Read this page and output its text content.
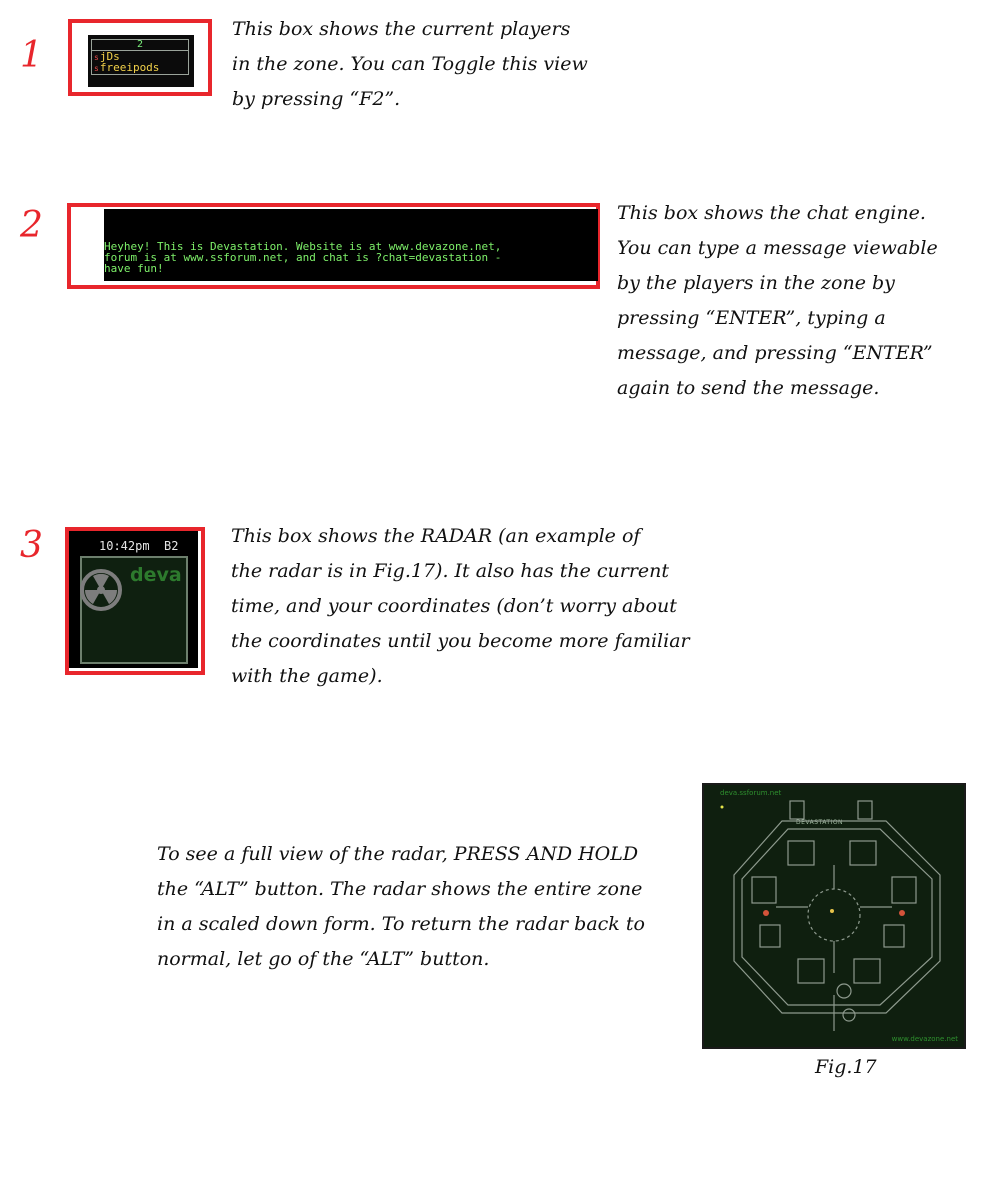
1	2
sjDs
sfreeipods
This box shows the current players
in the zone. You can Toggle this view
by pressing “F2”.
2
Heyhey! This is Devastation. Website is at www.devazone.net,
forum is at www.ssforum.net, and chat is ?chat=devastation -
have fun!
This box shows the chat engine.
You can type a message viewable
by the players in the zone by
pressing “ENTER”, typing a
message, and pressing “ENTER”
again to send the message.
3	10:42pm B2
deva
This box shows the RADAR (an example of
the radar is in Fig.17). It also has the current
time, and your coordinates (don’t worry about
the coordinates until you become more familiar
with the game).
To see a full view of the radar, PRESS AND HOLD
the “ALT” button. The radar shows the entire zone
in a scaled down form. To return the radar back to
normal, let go of the “ALT” button.
deva.ssforum.net
DEVASTATION
www.devazone.net
Fig.17
